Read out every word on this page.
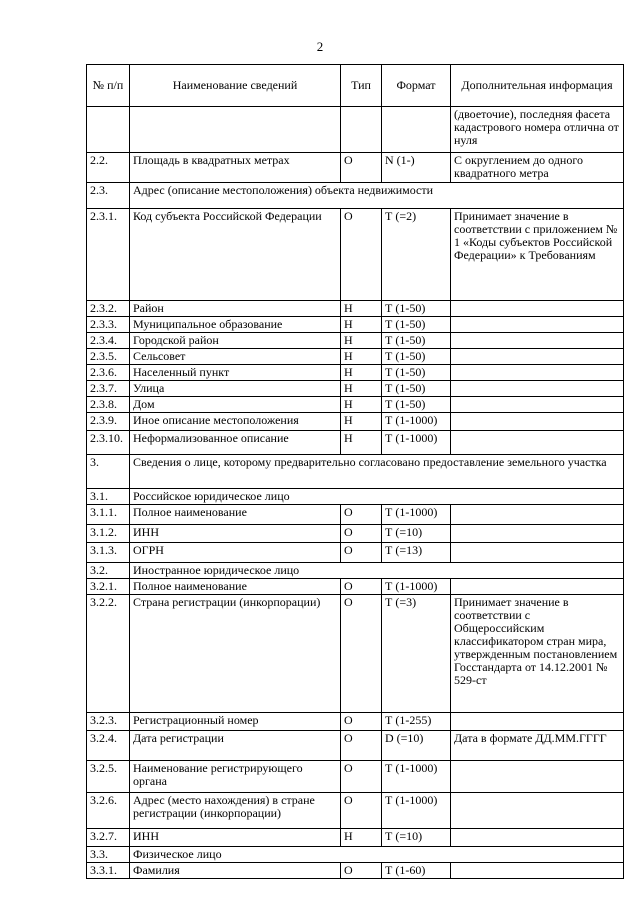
2
№ п/п	Наименование сведений	Тип	Формат	Дополнительная информация
				(двоеточие), последняя фасета кадастрового номера отлична от нуля
2.2.	Площадь в квадратных метрах	О	N (1-)	С округлением до одного квадратного метра
2.3.	Адрес (описание местоположения) объекта недвижимости			
2.3.1.	Код субъекта Российской Федерации	О	Т (=2)	Принимает значение в соответствии с приложением № 1 «Коды субъектов Российской Федерации» к Требованиям
2.3.2.	Район	Н	Т (1-50)	
2.3.3.	Муниципальное образование	Н	Т (1-50)	
2.3.4.	Городской район	Н	Т (1-50)	
2.3.5.	Сельсовет	Н	Т (1-50)	
2.3.6.	Населенный пункт	Н	Т (1-50)	
2.3.7.	Улица	Н	Т (1-50)	
2.3.8.	Дом	Н	Т (1-50)	
2.3.9.	Иное описание местоположения	Н	Т (1-1000)	
2.3.10.	Неформализованное описание	Н	Т (1-1000)	
3.	Сведения о лице, которому предварительно согласовано предоставление земельного участка			
3.1.	Российское юридическое лицо			
3.1.1.	Полное наименование	О	Т (1-1000)	
3.1.2.	ИНН	О	Т (=10)	
3.1.3.	ОГРН	О	Т (=13)	
3.2.	Иностранное юридическое лицо			
3.2.1.	Полное наименование	О	Т (1-1000)	
3.2.2.	Страна регистрации (инкорпорации)	О	Т (=3)	Принимает значение в соответствии с Общероссийским классификатором стран мира, утвержденным постановлением Госстандарта от 14.12.2001 № 529-ст
3.2.3.	Регистрационный номер	О	Т (1-255)	
3.2.4.	Дата регистрации	О	D (=10)	Дата в формате ДД.ММ.ГГГГ
3.2.5.	Наименование регистрирующего органа	О	Т (1-1000)	
3.2.6.	Адрес (место нахождения) в стране регистрации (инкорпорации)	О	Т (1-1000)	
3.2.7.	ИНН	Н	Т (=10)	
3.3.	Физическое лицо			
3.3.1.	Фамилия	О	Т (1-60)	
